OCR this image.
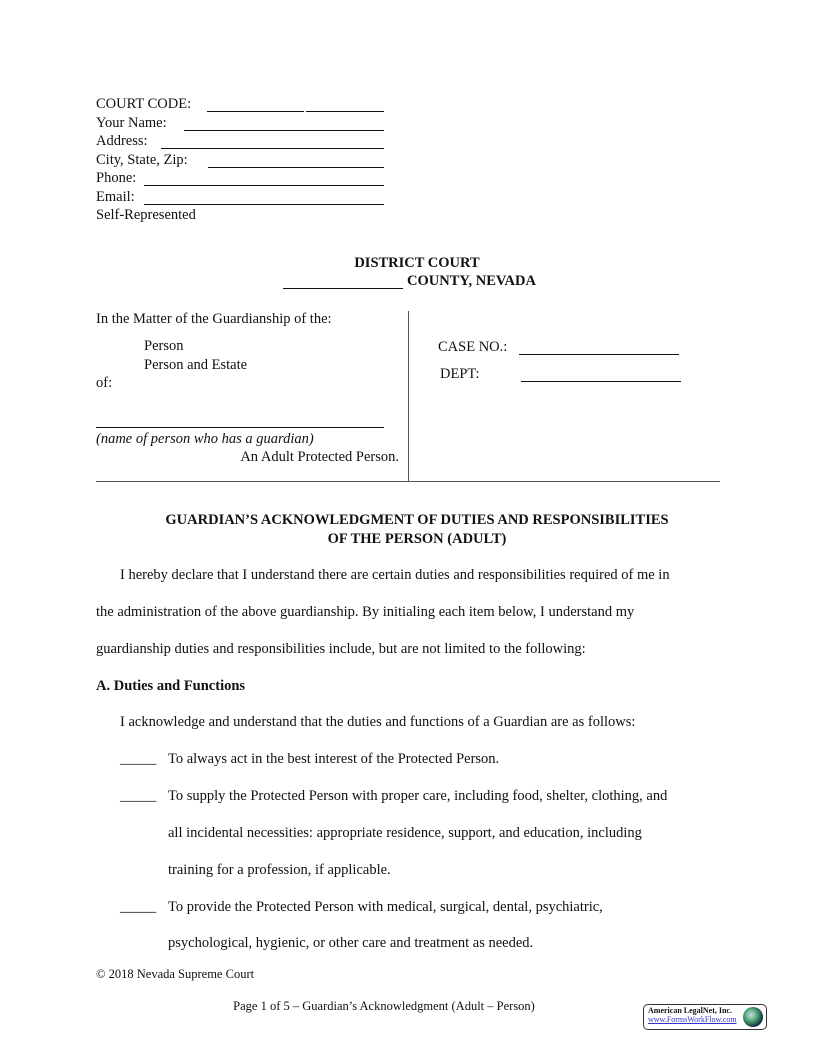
COURT CODE:
Your Name:
Address:
City, State, Zip:
Phone:
Email:
Self-Represented
DISTRICT COURT
COUNTY, NEVADA
In the Matter of the Guardianship of the:
Person
Person and Estate
of:
(name of person who has a guardian)
An Adult Protected Person.
CASE NO.:
DEPT:
GUARDIAN’S ACKNOWLEDGMENT OF DUTIES AND RESPONSIBILITIES
OF THE PERSON (ADULT)
I hereby declare that I understand there are certain duties and responsibilities required of me in
the administration of the above guardianship. By initialing each item below, I understand my
guardianship duties and responsibilities include, but are not limited to the following:
A. Duties and Functions
I acknowledge and understand that the duties and functions of a Guardian are as follows:
_____ To always act in the best interest of the Protected Person.
_____ To supply the Protected Person with proper care, including food, shelter, clothing, and
all incidental necessities: appropriate residence, support, and education, including
training for a profession, if applicable.
_____ To provide the Protected Person with medical, surgical, dental, psychiatric,
psychological, hygienic, or other care and treatment as needed.
© 2018 Nevada Supreme Court
Page 1 of 5 – Guardian’s Acknowledgment (Adult – Person)	American LegalNet, Inc.
www.FormsWorkFlow.com
